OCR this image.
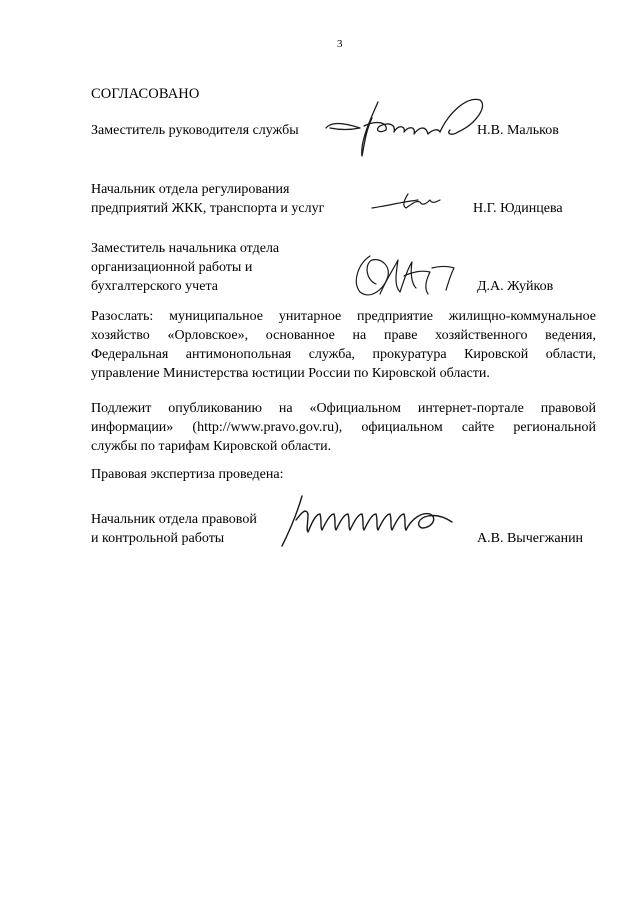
3
СОГЛАСОВАНО
Заместитель руководителя службы	Н.В. Мальков
Начальник отдела регулирования
предприятий ЖКК, транспорта и услуг	Н.Г. Юдинцева
Заместитель начальника отдела
организационной работы и
бухгалтерского учета	Д.А. Жуйков
Разослать: муниципальное унитарное предприятие жилищно-коммунальное
хозяйство «Орловское», основанное на праве хозяйственного ведения,
Федеральная антимонопольная служба, прокуратура Кировской области,
управление Министерства юстиции России по Кировской области.
Подлежит опубликованию на «Официальном интернет-портале правовой
информации» (http://www.pravo.gov.ru), официальном сайте региональной
службы по тарифам Кировской области.
Правовая экспертиза проведена:
Начальник отдела правовой
и контрольной работы	А.В. Вычегжанин
